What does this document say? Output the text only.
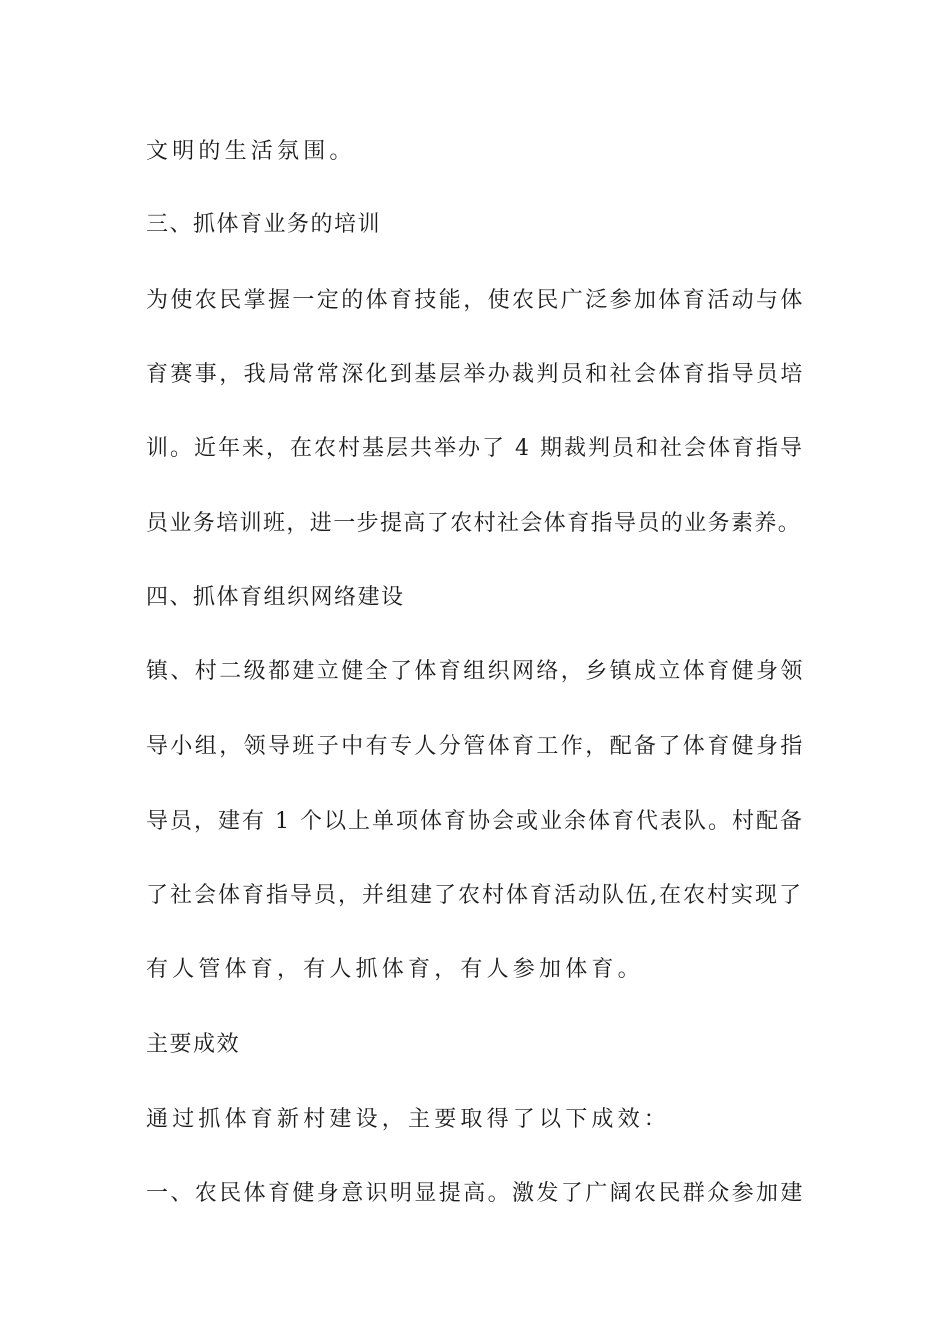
文明的生活氛围。
三、抓体育业务的培训
为使农民掌握一定的体育技能，使农民广泛参加体育活动与体
育赛事，我局常常深化到基层举办裁判员和社会体育指导员培
训。近年来，在农村基层共举办了 4 期裁判员和社会体育指导
员业务培训班，进一步提高了农村社会体育指导员的业务素养。
四、抓体育组织网络建设
镇、村二级都建立健全了体育组织网络，乡镇成立体育健身领
导小组，领导班子中有专人分管体育工作，配备了体育健身指
导员，建有 1 个以上单项体育协会或业余体育代表队。村配备
了社会体育指导员，并组建了农村体育活动队伍,在农村实现了
有人管体育，有人抓体育，有人参加体育。
主要成效
通过抓体育新村建设，主要取得了以下成效：
一、农民体育健身意识明显提高。激发了广阔农民群众参加建
